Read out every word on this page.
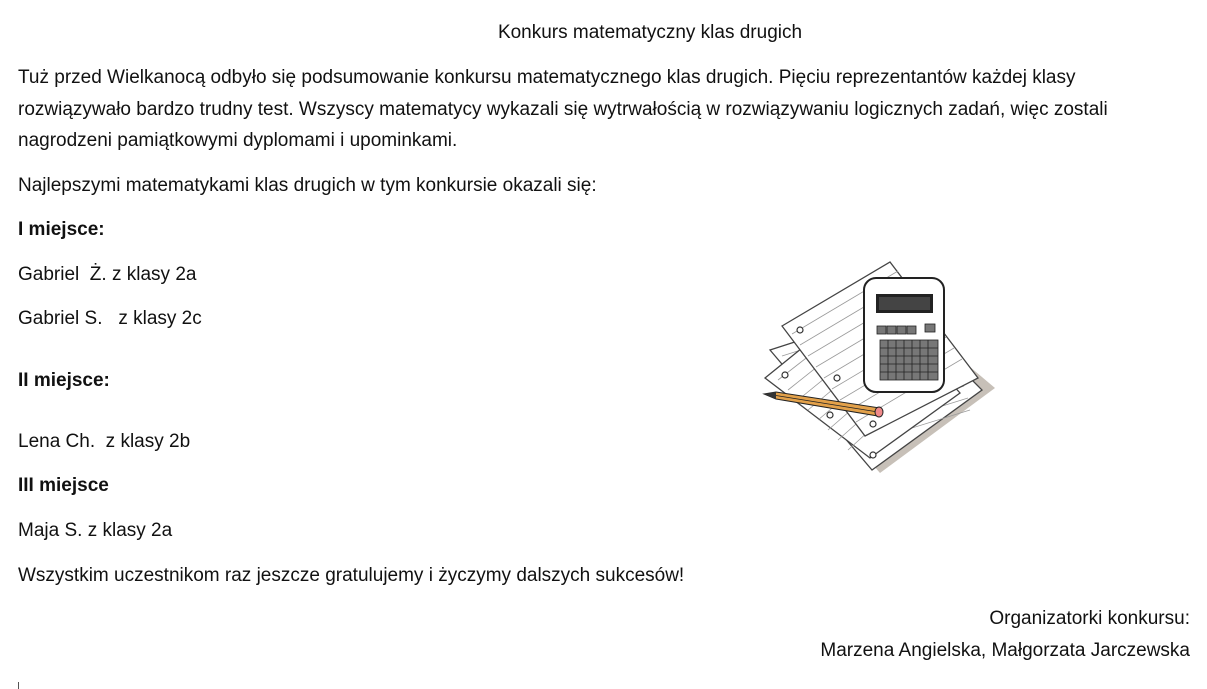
Konkurs matematyczny klas drugich
Tuż przed Wielkanocą odbyło się podsumowanie konkursu matematycznego klas drugich. Pięciu reprezentantów każdej klasy rozwiązywało bardzo trudny test. Wszyscy matematycy wykazali się wytrwałością w rozwiązywaniu logicznych zadań, więc zostali nagrodzeni pamiątkowymi dyplomami i upominkami.
Najlepszymi matematykami klas drugich w tym konkursie okazali się:
I miejsce:
Gabriel  Ż. z klasy 2a
Gabriel S.   z klasy 2c
II miejsce:
Lena Ch.  z klasy 2b
III miejsce
Maja S. z klasy 2a
Wszystkim uczestnikom raz jeszcze gratulujemy i życzymy dalszych sukcesów!
Organizatorki konkursu:
Marzena Angielska, Małgorzata Jarczewska
